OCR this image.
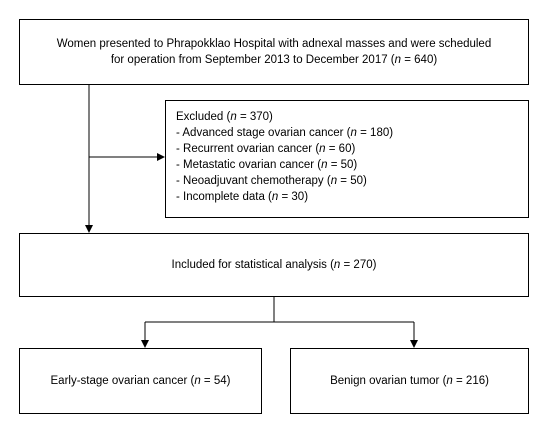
Women presented to Phrapokklao Hospital with adnexal masses and were scheduled
for operation from September 2013 to December 2017 (n = 640)
Excluded (n = 370)
- Advanced stage ovarian cancer (n = 180)
- Recurrent ovarian cancer (n = 60)
- Metastatic ovarian cancer (n = 50)
- Neoadjuvant chemotherapy (n = 50)
- Incomplete data (n = 30)
Included for statistical analysis (n = 270)
Early-stage ovarian cancer (n = 54)	Benign ovarian tumor (n = 216)
